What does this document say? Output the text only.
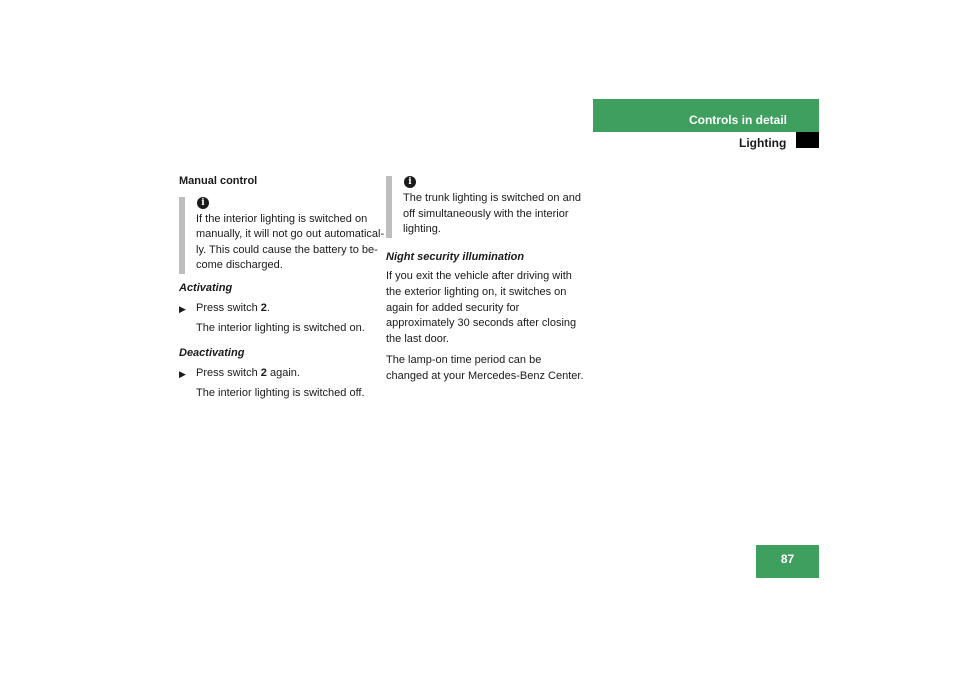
Controls in detail
Lighting

Manual control

i

If the interior lighting is switched on manually, it will not go out automatical-ly. This could cause the battery to be-come discharged.

Activating

▶ Press switch 2.

The interior lighting is switched on.

Deactivating

▶ Press switch 2 again.

The interior lighting is switched off.

i

The trunk lighting is switched on and off simultaneously with the interior lighting.

Night security illumination

If you exit the vehicle after driving with the exterior lighting on, it switches on again for added security for approximately 30 seconds after closing the last door.

The lamp-on time period can be changed at your Mercedes-Benz Center.

87
